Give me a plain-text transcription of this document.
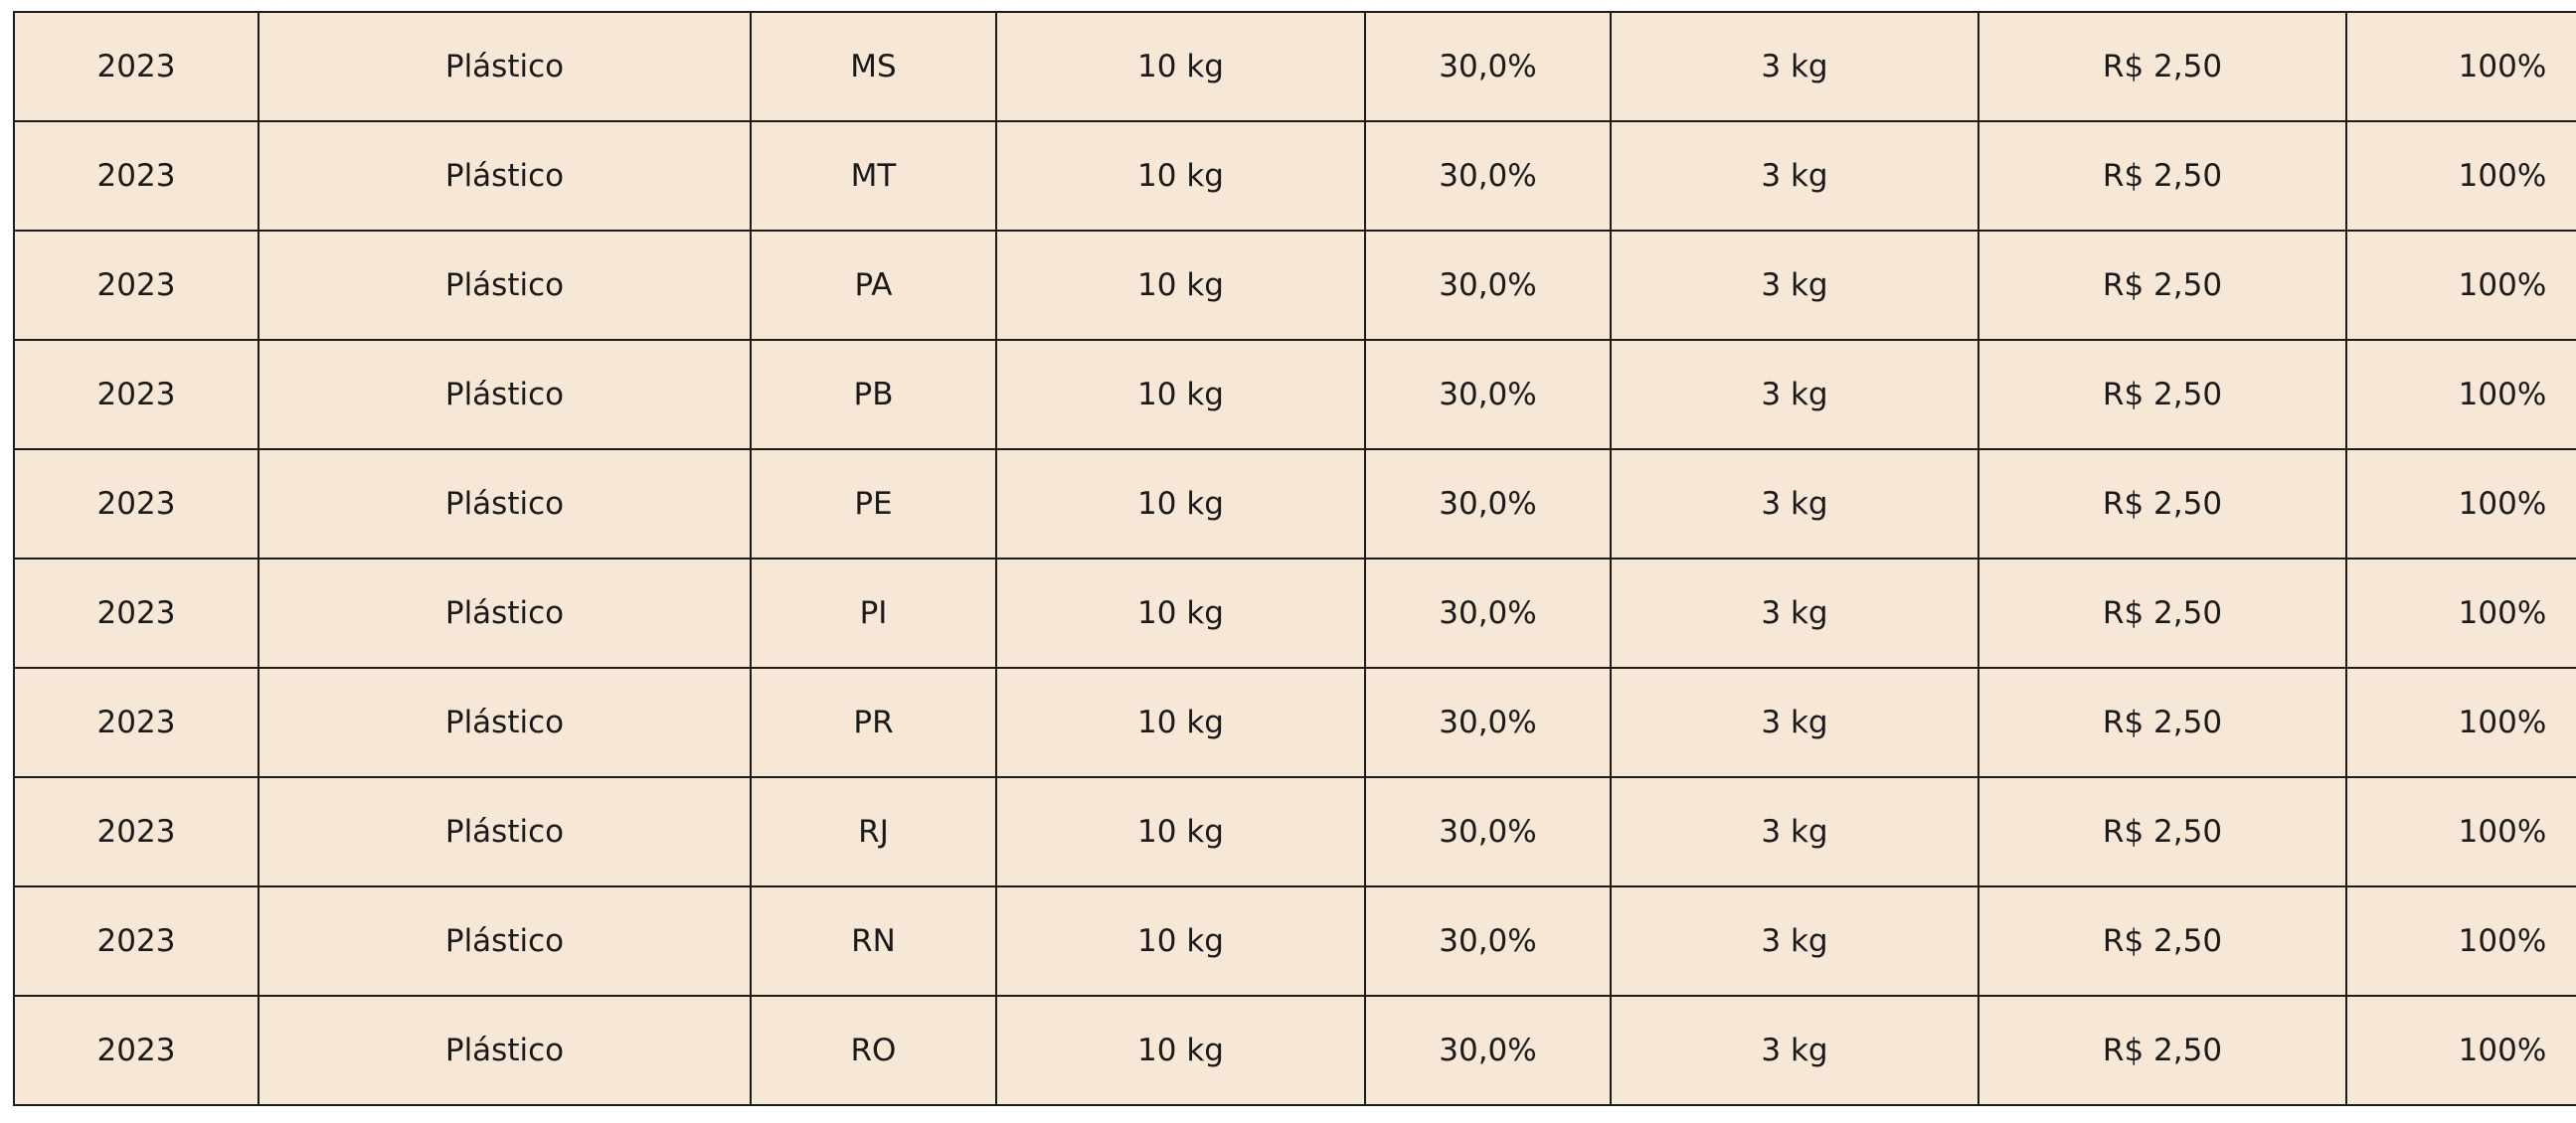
2023	Plástico	MS	10 kg	30,0%	3 kg	R$ 2,50	100%
2023	Plástico	MT	10 kg	30,0%	3 kg	R$ 2,50	100%
2023	Plástico	PA	10 kg	30,0%	3 kg	R$ 2,50	100%
2023	Plástico	PB	10 kg	30,0%	3 kg	R$ 2,50	100%
2023	Plástico	PE	10 kg	30,0%	3 kg	R$ 2,50	100%
2023	Plástico	PI	10 kg	30,0%	3 kg	R$ 2,50	100%
2023	Plástico	PR	10 kg	30,0%	3 kg	R$ 2,50	100%
2023	Plástico	RJ	10 kg	30,0%	3 kg	R$ 2,50	100%
2023	Plástico	RN	10 kg	30,0%	3 kg	R$ 2,50	100%
2023	Plástico	RO	10 kg	30,0%	3 kg	R$ 2,50	100%
